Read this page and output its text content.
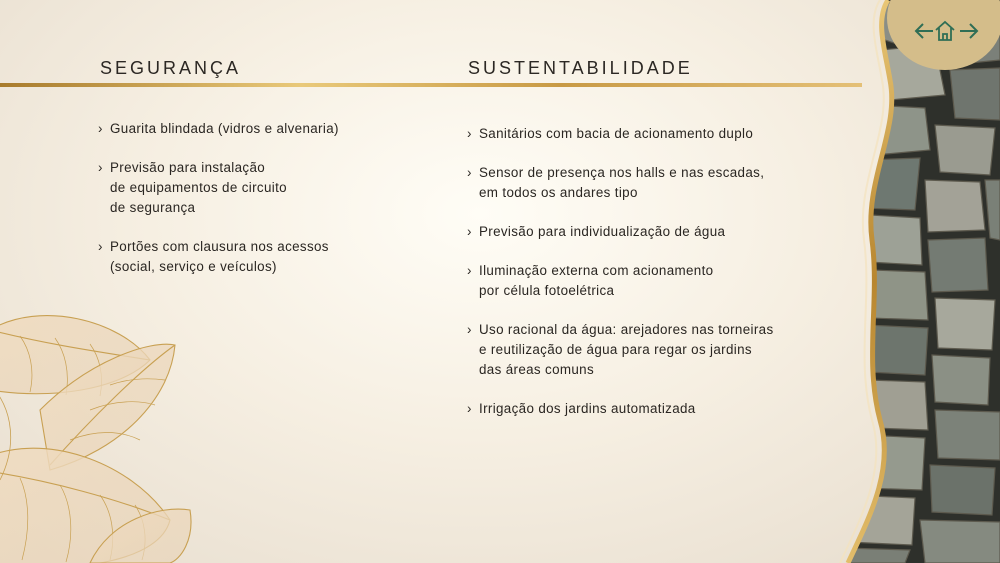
SEGURANÇA	SUSTENTABILIDADE
› Guarita blindada (vidros e alvenaria)
› Previsão para instalação
de equipamentos de circuito
de segurança
› Portões com clausura nos acessos
(social, serviço e veículos)
› Sanitários com bacia de acionamento duplo
› Sensor de presença nos halls e nas escadas,
em todos os andares tipo
› Previsão para individualização de água
› Iluminação externa com acionamento
por célula fotoelétrica
› Uso racional da água: arejadores nas torneiras
e reutilização de água para regar os jardins
das áreas comuns
› Irrigação dos jardins automatizada
